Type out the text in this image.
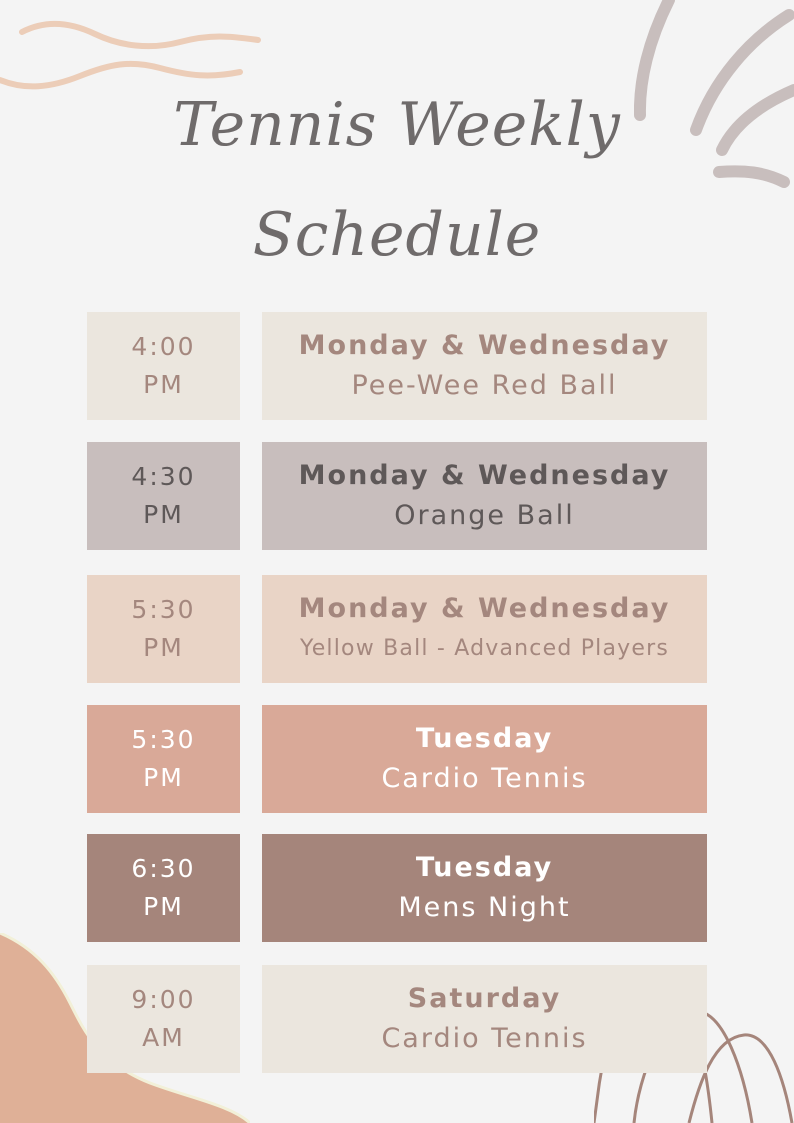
Tennis Weekly
Schedule
4:00
PM
Monday & Wednesday
Pee-Wee Red Ball
4:30
PM
Monday & Wednesday
Orange Ball
5:30
PM
Monday & Wednesday
Yellow Ball - Advanced Players
5:30
PM
Tuesday
Cardio Tennis
6:30
PM
Tuesday
Mens Night
9:00
AM
Saturday
Cardio Tennis
